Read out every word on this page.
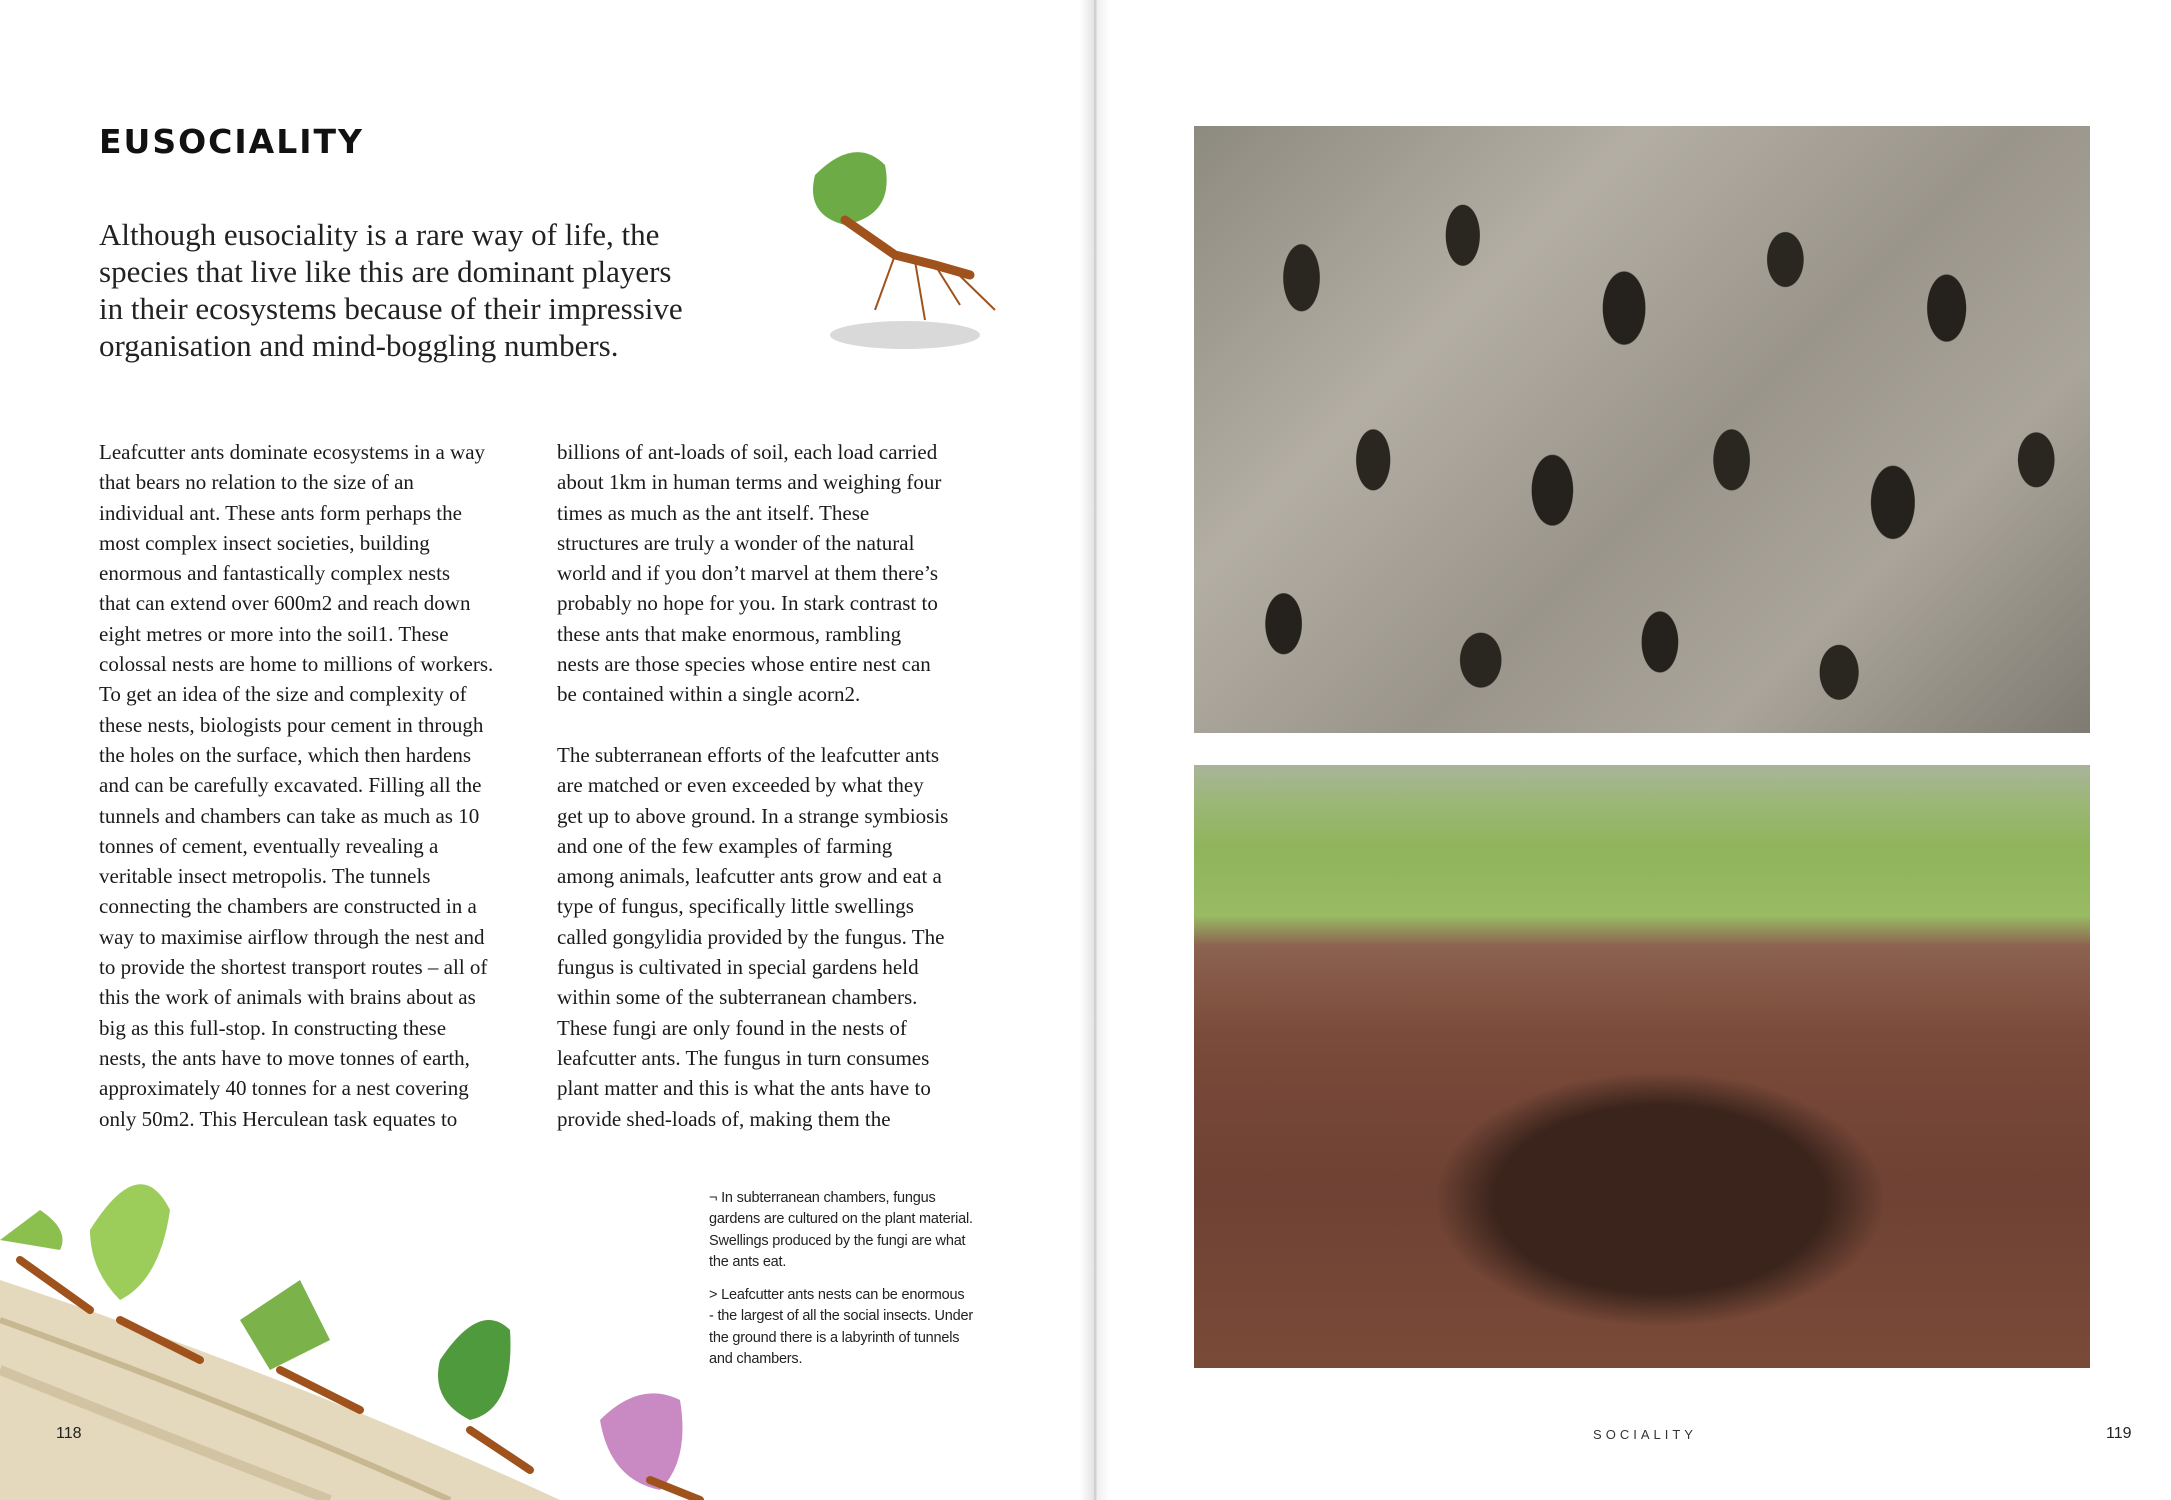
EUSOCIALITY
Although eusociality is a rare way of life, the
species that live like this are dominant players
in their ecosystems because of their impressive
organisation and mind-boggling numbers.
Leafcutter ants dominate ecosystems in a way
that bears no relation to the size of an
individual ant. These ants form perhaps the
most complex insect societies, building
enormous and fantastically complex nests
that can extend over 600m2 and reach down
eight metres or more into the soil1. These
colossal nests are home to millions of workers.
To get an idea of the size and complexity of
these nests, biologists pour cement in through
the holes on the surface, which then hardens
and can be carefully excavated. Filling all the
tunnels and chambers can take as much as 10
tonnes of cement, eventually revealing a
veritable insect metropolis. The tunnels
connecting the chambers are constructed in a
way to maximise airflow through the nest and
to provide the shortest transport routes – all of
this the work of animals with brains about as
big as this full-stop. In constructing these
nests, the ants have to move tonnes of earth,
approximately 40 tonnes for a nest covering
only 50m2. This Herculean task equates to
billions of ant-loads of soil, each load carried
about 1km in human terms and weighing four
times as much as the ant itself. These
structures are truly a wonder of the natural
world and if you don’t marvel at them there’s
probably no hope for you. In stark contrast to
these ants that make enormous, rambling
nests are those species whose entire nest can
be contained within a single acorn2.
The subterranean efforts of the leafcutter ants
are matched or even exceeded by what they
get up to above ground. In a strange symbiosis
and one of the few examples of farming
among animals, leafcutter ants grow and eat a
type of fungus, specifically little swellings
called gongylidia provided by the fungus. The
fungus is cultivated in special gardens held
within some of the subterranean chambers.
These fungi are only found in the nests of
leafcutter ants. The fungus in turn consumes
plant matter and this is what the ants have to
provide shed-loads of, making them the
¬ In subterranean chambers, fungus
gardens are cultured on the plant material.
Swellings produced by the fungi are what
the ants eat.
> Leafcutter ants nests can be enormous
- the largest of all the social insects. Under
the ground there is a labyrinth of tunnels
and chambers.
118	SOCIALITY	119
